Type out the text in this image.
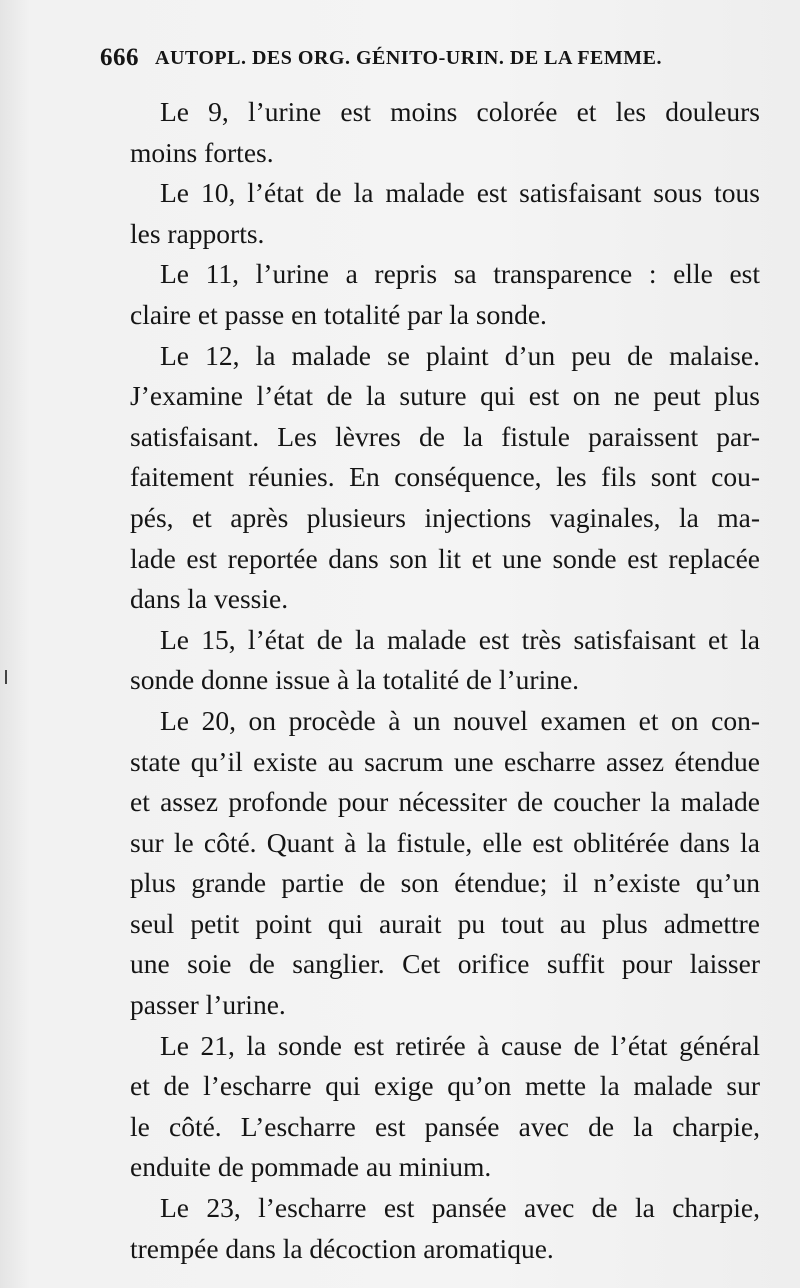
666 AUTOPL. DES ORG. GÉNITO-URIN. DE LA FEMME.
Le 9, l’urine est moins colorée et les douleurs
moins fortes.
Le 10, l’état de la malade est satisfaisant sous tous
les rapports.
Le 11, l’urine a repris sa transparence : elle est
claire et passe en totalité par la sonde.
Le 12, la malade se plaint d’un peu de malaise.
J’examine l’état de la suture qui est on ne peut plus
satisfaisant. Les lèvres de la fistule paraissent par-
faitement réunies. En conséquence, les fils sont cou-
pés, et après plusieurs injections vaginales, la ma-
lade est reportée dans son lit et une sonde est replacée
dans la vessie.
Le 15, l’état de la malade est très satisfaisant et la
sonde donne issue à la totalité de l’urine.
Le 20, on procède à un nouvel examen et on con-
state qu’il existe au sacrum une escharre assez étendue
et assez profonde pour nécessiter de coucher la malade
sur le côté. Quant à la fistule, elle est oblitérée dans la
plus grande partie de son étendue; il n’existe qu’un
seul petit point qui aurait pu tout au plus admettre
une soie de sanglier. Cet orifice suffit pour laisser
passer l’urine.
Le 21, la sonde est retirée à cause de l’état général
et de l’escharre qui exige qu’on mette la malade sur
le côté. L’escharre est pansée avec de la charpie,
enduite de pommade au minium.
Le 23, l’escharre est pansée avec de la charpie,
trempée dans la décoction aromatique.
